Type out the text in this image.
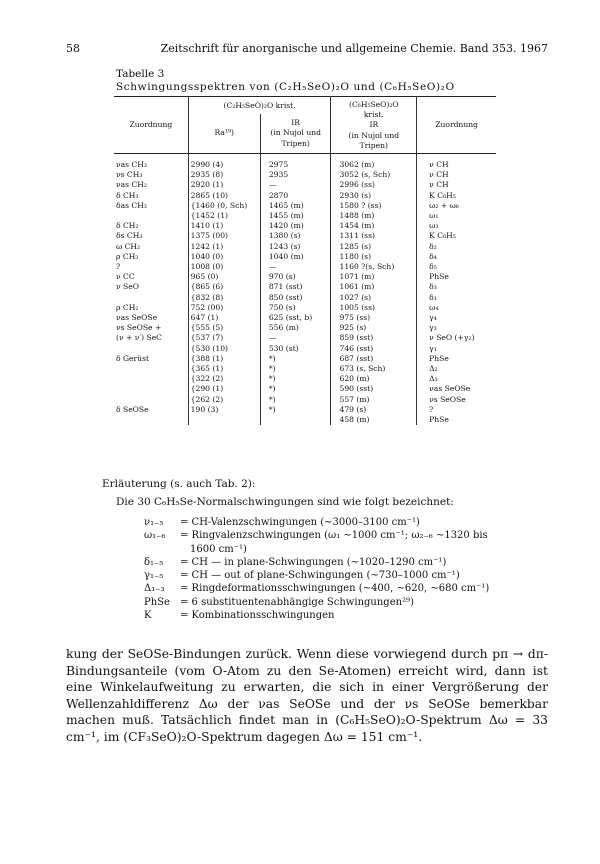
58	Zeitschrift für anorganische und allgemeine Chemie. Band 353. 1967
Tabelle 3
Schwingungsspektren von (C₂H₅SeO)₂O und (C₆H₅SeO)₂O
Zuordnung	(C₂H₅SeO)₂O krist.		(C₆H₅SeO)₂O
krist.
IR
(in Nujol und
Tripen)	Zuordnung
	Ra¹⁹)	IR
(in Nujol und
Tripen)		
νas CH₃	2990 (4)	2975	3062 (m)	ν CH
νs CH₃	2935 (8)	2935	3052 (s, Sch)	ν CH
νas CH₂	2920 (1)	—	2996 (ss)	ν CH
δ CH₃	2865 (10)	2870	2930 (s)	K C₆H₅
δas CH₃	{1460 (0, Sch)	1465 (m)	1580 ? (ss)	ω₂ + ω₆
	{1452 (1)	1455 (m)	1488 (m)	ω₁
δ CH₂	1410 (1)	1420 (m)	1454 (m)	ω₃
δs CH₃	1375 (00)	1380 (s)	1311 (ss)	K C₆H₅
ω CH₂	1242 (1)	1243 (s)	1285 (s)	δ₂
ρ CH₃	1040 (0)	1040 (m)	1180 (s)	δ₄
?	1008 (0)	—	1160 ?(s, Sch)	δ₅
ν CC	965 (0)	970 (s)	1071 (m)	PhSe
ν SeO	{865 (6)	871 (sst)	1061 (m)	δ₃
	{832 (8)	850 (sst)	1027 (s)	δ₁
ρ CH₂	752 (00)	750 (s)	1005 (ss)	ω₄
νas SeOSe	647 (1)	625 (sst, b)	975 (ss)	γ₄
νs SeOSe +	{555 (5)	556 (m)	925 (s)	γ₃
(ν + ν′) SeC	{537 (7)	—	859 (sst)	ν SeO (+γ₂)
	{530 (10)	530 (st)	746 (sst)	γ₁
δ Gerüst	{388 (1)	*)	687 (sst)	PhSe
	{365 (1)	*)	673 (s, Sch)	Δ₂
	{322 (2)	*)	620 (m)	Δ₃
	{290 (1)	*)	590 (sst)	νas SeOSe
	{262 (2)	*)	557 (m)	νs SeOSe
δ SeOSe	190 (3)	*)	479 (s)	?
			458 (m)	PhSe
Erläuterung (s. auch Tab. 2):
Die 30 C₆H₅Se-Normalschwingungen sind wie folgt bezeichnet:
ν₁₋₅	= CH-Valenzschwingungen (∼3000–3100 cm⁻¹)
ω₁₋₆	= Ringvalenzschwingungen (ω₁ ∼1000 cm⁻¹; ω₂₋₆ ∼1320 bis
1600 cm⁻¹)
δ₁₋₅	= CH — in plane-Schwingungen (∼1020–1290 cm⁻¹)
γ₁₋₅	= CH — out of plane-Schwingungen (∼730–1000 cm⁻¹)
Δ₁₋₃	= Ringdeformationsschwingungen (∼400, ∼620, ∼680 cm⁻¹)
PhSe	= 6 substituentenabhängige Schwingungen²⁹)
K	= Kombinationsschwingungen

kung der SeOSe-Bindungen zurück. Wenn diese vorwiegend durch pπ → dπ-Bindungsanteile (vom O-Atom zu den Se-Atomen) erreicht wird, dann ist eine Winkelaufweitung zu erwarten, die sich in einer Vergrößerung der Wellenzahldifferenz Δω der νas SeOSe und der νs SeOSe bemerkbar machen muß. Tatsächlich findet man in (C₆H₅SeO)₂O-Spektrum Δω = 33 cm⁻¹, im (CF₃SeO)₂O-Spektrum dagegen Δω = 151 cm⁻¹.
